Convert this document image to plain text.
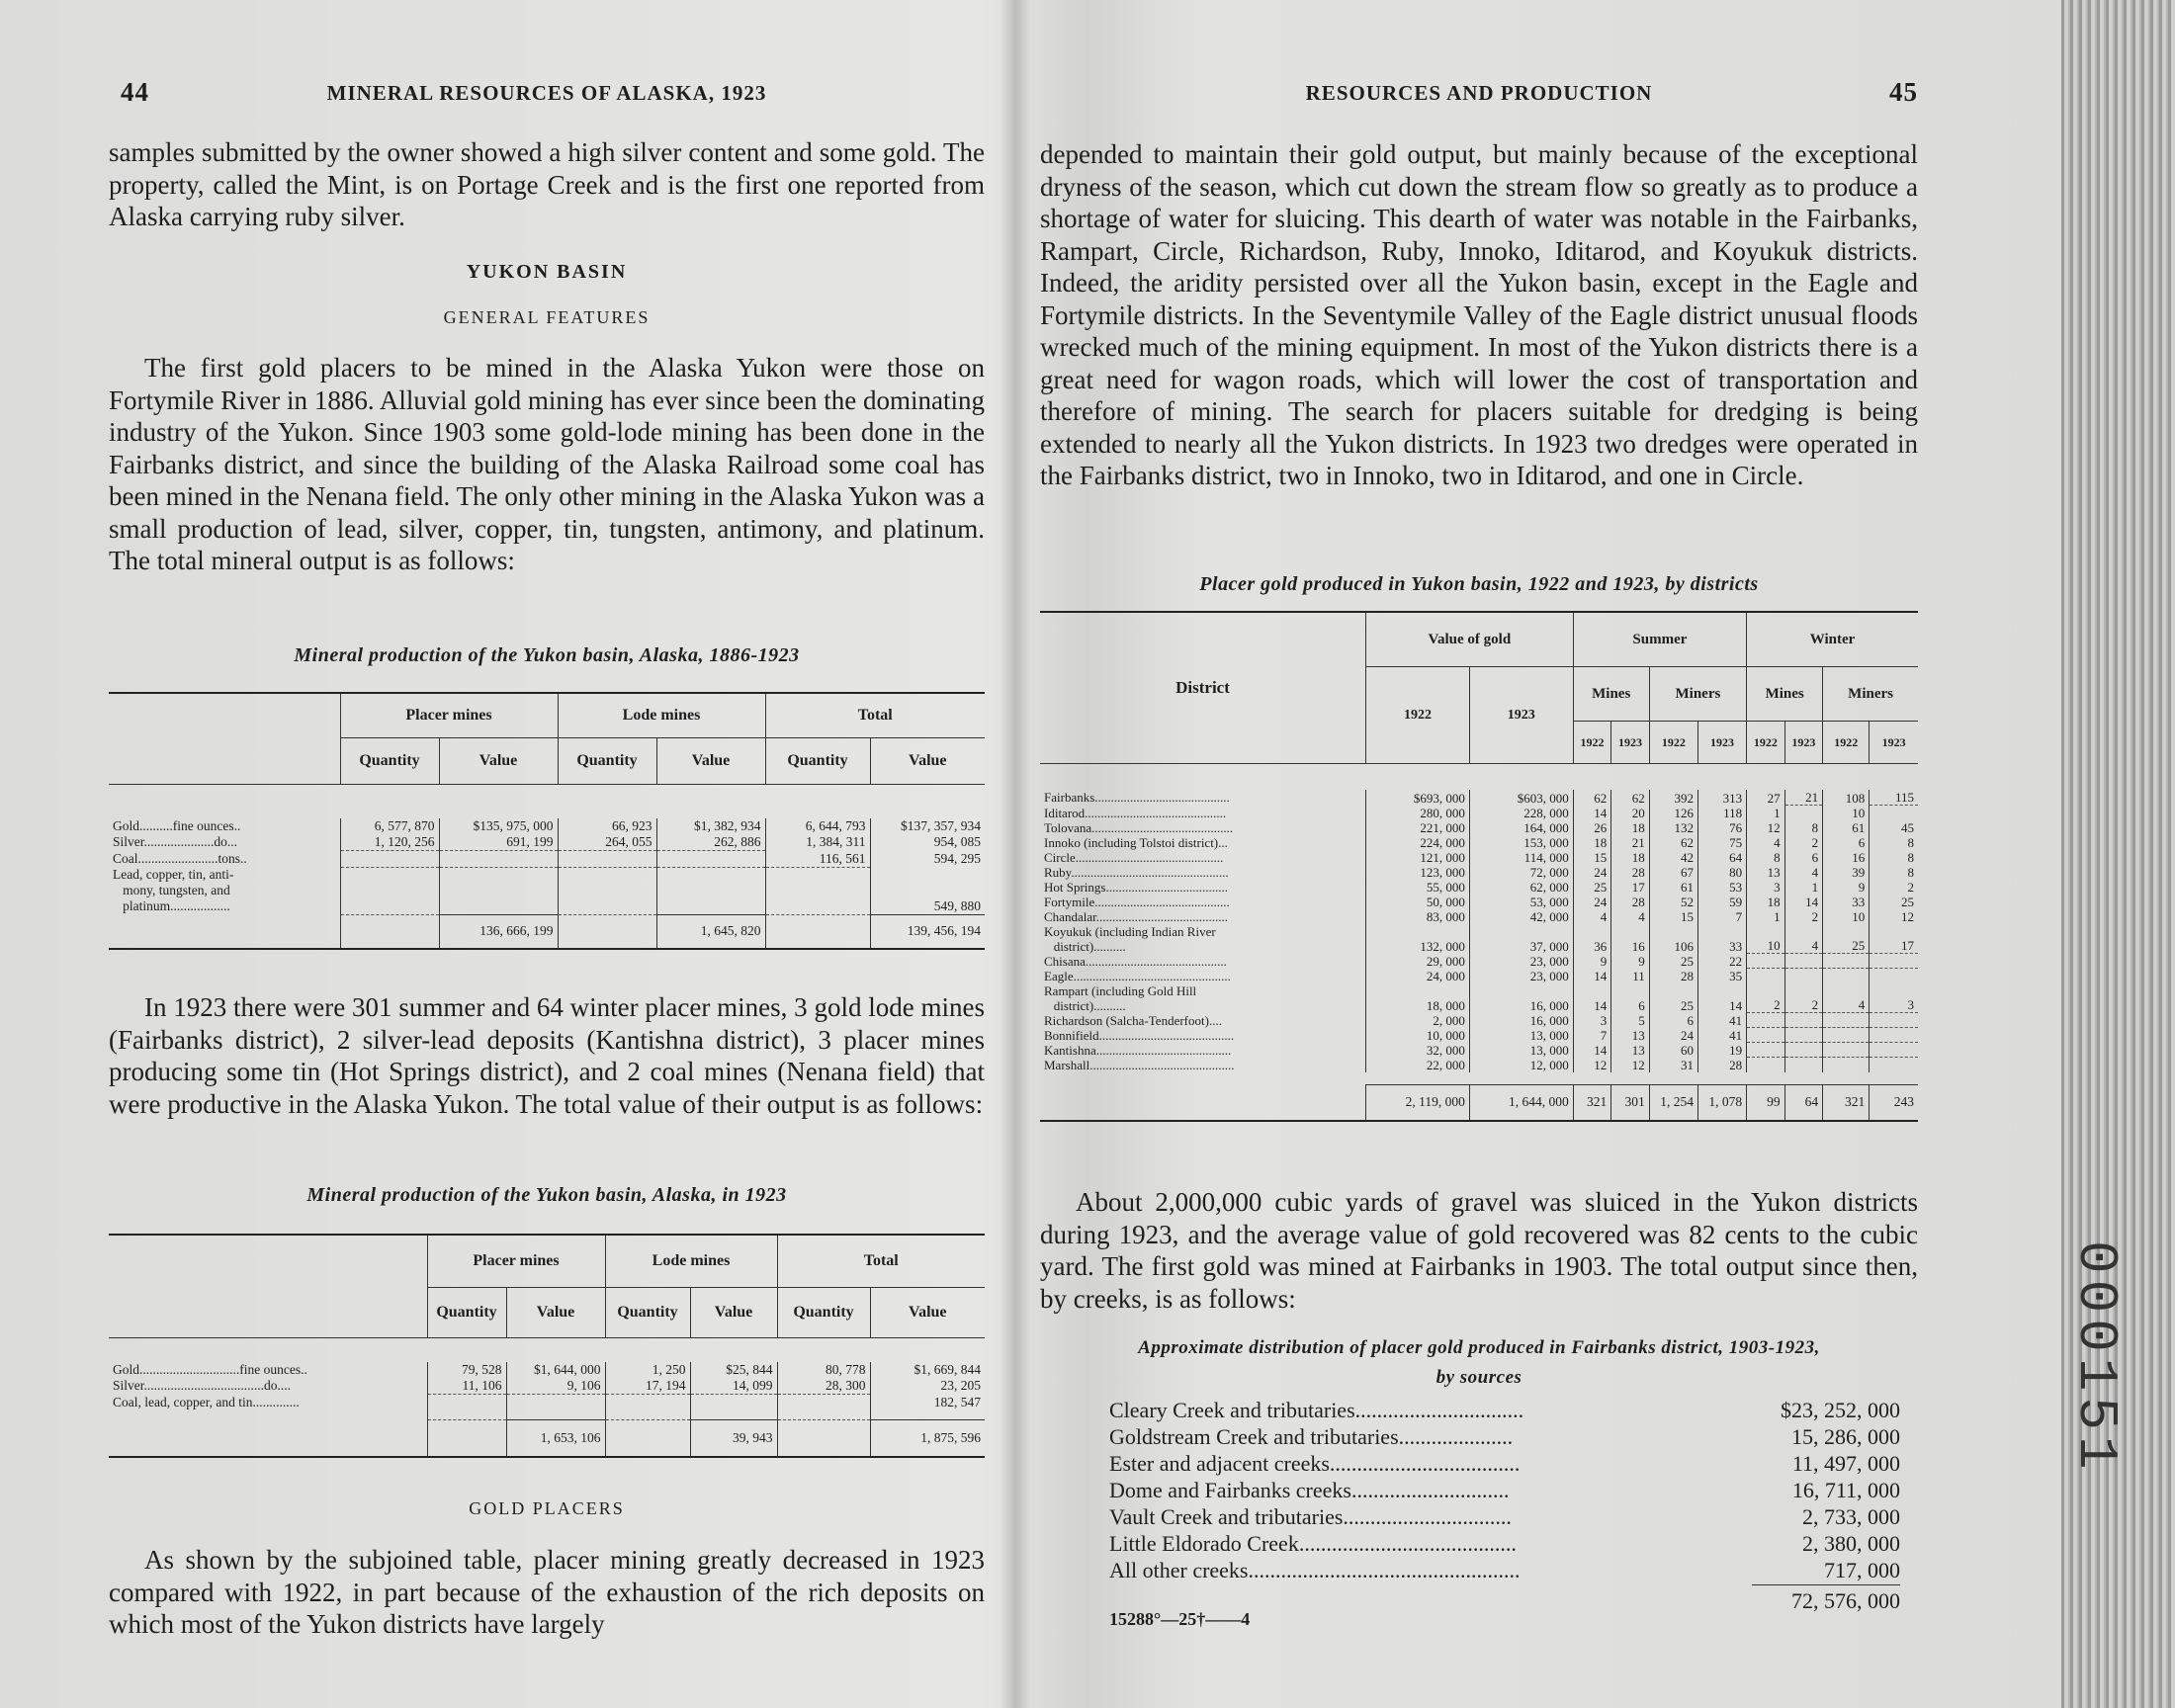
000151
44	MINERAL RESOURCES OF ALASKA, 1923

samples submitted by the owner showed a high silver content and some gold. The property, called the Mint, is on Portage Creek and is the first one reported from Alaska carrying ruby silver.

YUKON BASIN
GENERAL FEATURES

The first gold placers to be mined in the Alaska Yukon were those on Fortymile River in 1886. Alluvial gold mining has ever since been the dominating industry of the Yukon. Since 1903 some gold-lode mining has been done in the Fairbanks district, and since the building of the Alaska Railroad some coal has been mined in the Nenana field. The only other mining in the Alaska Yukon was a small production of lead, silver, copper, tin, tungsten, antimony, and platinum. The total mineral output is as follows:

Mineral production of the Yukon basin, Alaska, 1886-1923
	Placer mines		Lode mines		Total	
	Quantity	Value	Quantity	Value	Quantity	Value

Gold..........fine ounces..	6, 577, 870	$135, 975, 000	66, 923	$1, 382, 934	6, 644, 793	$137, 357, 934
Silver.....................do...	1, 120, 256	691, 199	264, 055	262, 886	1, 384, 311	954, 085
Coal........................tons..					116, 561	594, 295
Lead, copper, tin, anti-
mony, tungsten, and
platinum..................						549, 880
		136, 666, 199		1, 645, 820		139, 456, 194

In 1923 there were 301 summer and 64 winter placer mines, 3 gold lode mines (Fairbanks district), 2 silver-lead deposits (Kantishna district), 3 placer mines producing some tin (Hot Springs district), and 2 coal mines (Nenana field) that were productive in the Alaska Yukon. The total value of their output is as follows:

Mineral production of the Yukon basin, Alaska, in 1923
	Placer mines		Lode mines		Total	
	Quantity	Value	Quantity	Value	Quantity	Value

Gold..............................fine ounces..	79, 528	$1, 644, 000	1, 250	$25, 844	80, 778	$1, 669, 844
Silver....................................do....	11, 106	9, 106	17, 194	14, 099	28, 300	23, 205
Coal, lead, copper, and tin..............						182, 547
		1, 653, 106		39, 943		1, 875, 596
GOLD PLACERS

As shown by the subjoined table, placer mining greatly decreased in 1923 compared with 1922, in part because of the exhaustion of the rich deposits on which most of the Yukon districts have largely

RESOURCES AND PRODUCTION	45

depended to maintain their gold output, but mainly because of the exceptional dryness of the season, which cut down the stream flow so greatly as to produce a shortage of water for sluicing. This dearth of water was notable in the Fairbanks, Rampart, Circle, Richardson, Ruby, Innoko, Iditarod, and Koyukuk districts. Indeed, the aridity persisted over all the Yukon basin, except in the Eagle and Fortymile districts. In the Seventymile Valley of the Eagle district unusual floods wrecked much of the mining equipment. In most of the Yukon districts there is a great need for wagon roads, which will lower the cost of transportation and therefore of mining. The search for placers suitable for dredging is being extended to nearly all the Yukon districts. In 1923 two dredges were operated in the Fairbanks district, two in Innoko, two in Iditarod, and one in Circle.

Placer gold produced in Yukon basin, 1922 and 1923, by districts
District	Value of gold		Summer				Winter			
	1922	1923	Mines		Miners		Mines		Miners	
			1922	1923	1922	1923	1922	1923	1922	1923

Fairbanks..........................................	$693, 000	$603, 000	62	62	392	313	27	21	108	115
Iditarod............................................	280, 000	228, 000	14	20	126	118	1		10	
Tolovana............................................	221, 000	164, 000	26	18	132	76	12	8	61	45
Innoko (including Tolstoi district)...	224, 000	153, 000	18	21	62	75	4	2	6	8
Circle..............................................	121, 000	114, 000	15	18	42	64	8	6	16	8
Ruby.................................................	123, 000	72, 000	24	28	67	80	13	4	39	8
Hot Springs......................................	55, 000	62, 000	25	17	61	53	3	1	9	2
Fortymile..........................................	50, 000	53, 000	24	28	52	59	18	14	33	25
Chandalar.........................................	83, 000	42, 000	4	4	15	7	1	2	10	12
Koyukuk (including Indian River
district)..........	132, 000	37, 000	36	16	106	33	10	4	25	17
Chisana............................................	29, 000	23, 000	9	9	25	22				
Eagle.................................................	24, 000	23, 000	14	11	28	35				
Rampart (including Gold Hill
district)..........	18, 000	16, 000	14	6	25	14	2	2	4	3
Richardson (Salcha-Tenderfoot)....	2, 000	16, 000	3	5	6	41				
Bonnifield..........................................	10, 000	13, 000	7	13	24	41				
Kantishna..........................................	32, 000	13, 000	14	13	60	19				
Marshall.............................................	22, 000	12, 000	12	12	31	28				

	2, 119, 000	1, 644, 000	321	301	1, 254	1, 078	99	64	321	243

About 2,000,000 cubic yards of gravel was sluiced in the Yukon districts during 1923, and the average value of gold recovered was 82 cents to the cubic yard. The first gold was mined at Fairbanks in 1903. The total output since then, by creeks, is as follows:

Approximate distribution of placer gold produced in Fairbanks district, 1903-1923,
by sources
Cleary Creek and tributaries...............................	$23, 252, 000
Goldstream Creek and tributaries.....................	15, 286, 000
Ester and adjacent creeks...................................	11, 497, 000
Dome and Fairbanks creeks.............................	16, 711, 000
Vault Creek and tributaries...............................	2, 733, 000
Little Eldorado Creek........................................	2, 380, 000
All other creeks..................................................	717, 000
72, 576, 000
15288°—25†——4
